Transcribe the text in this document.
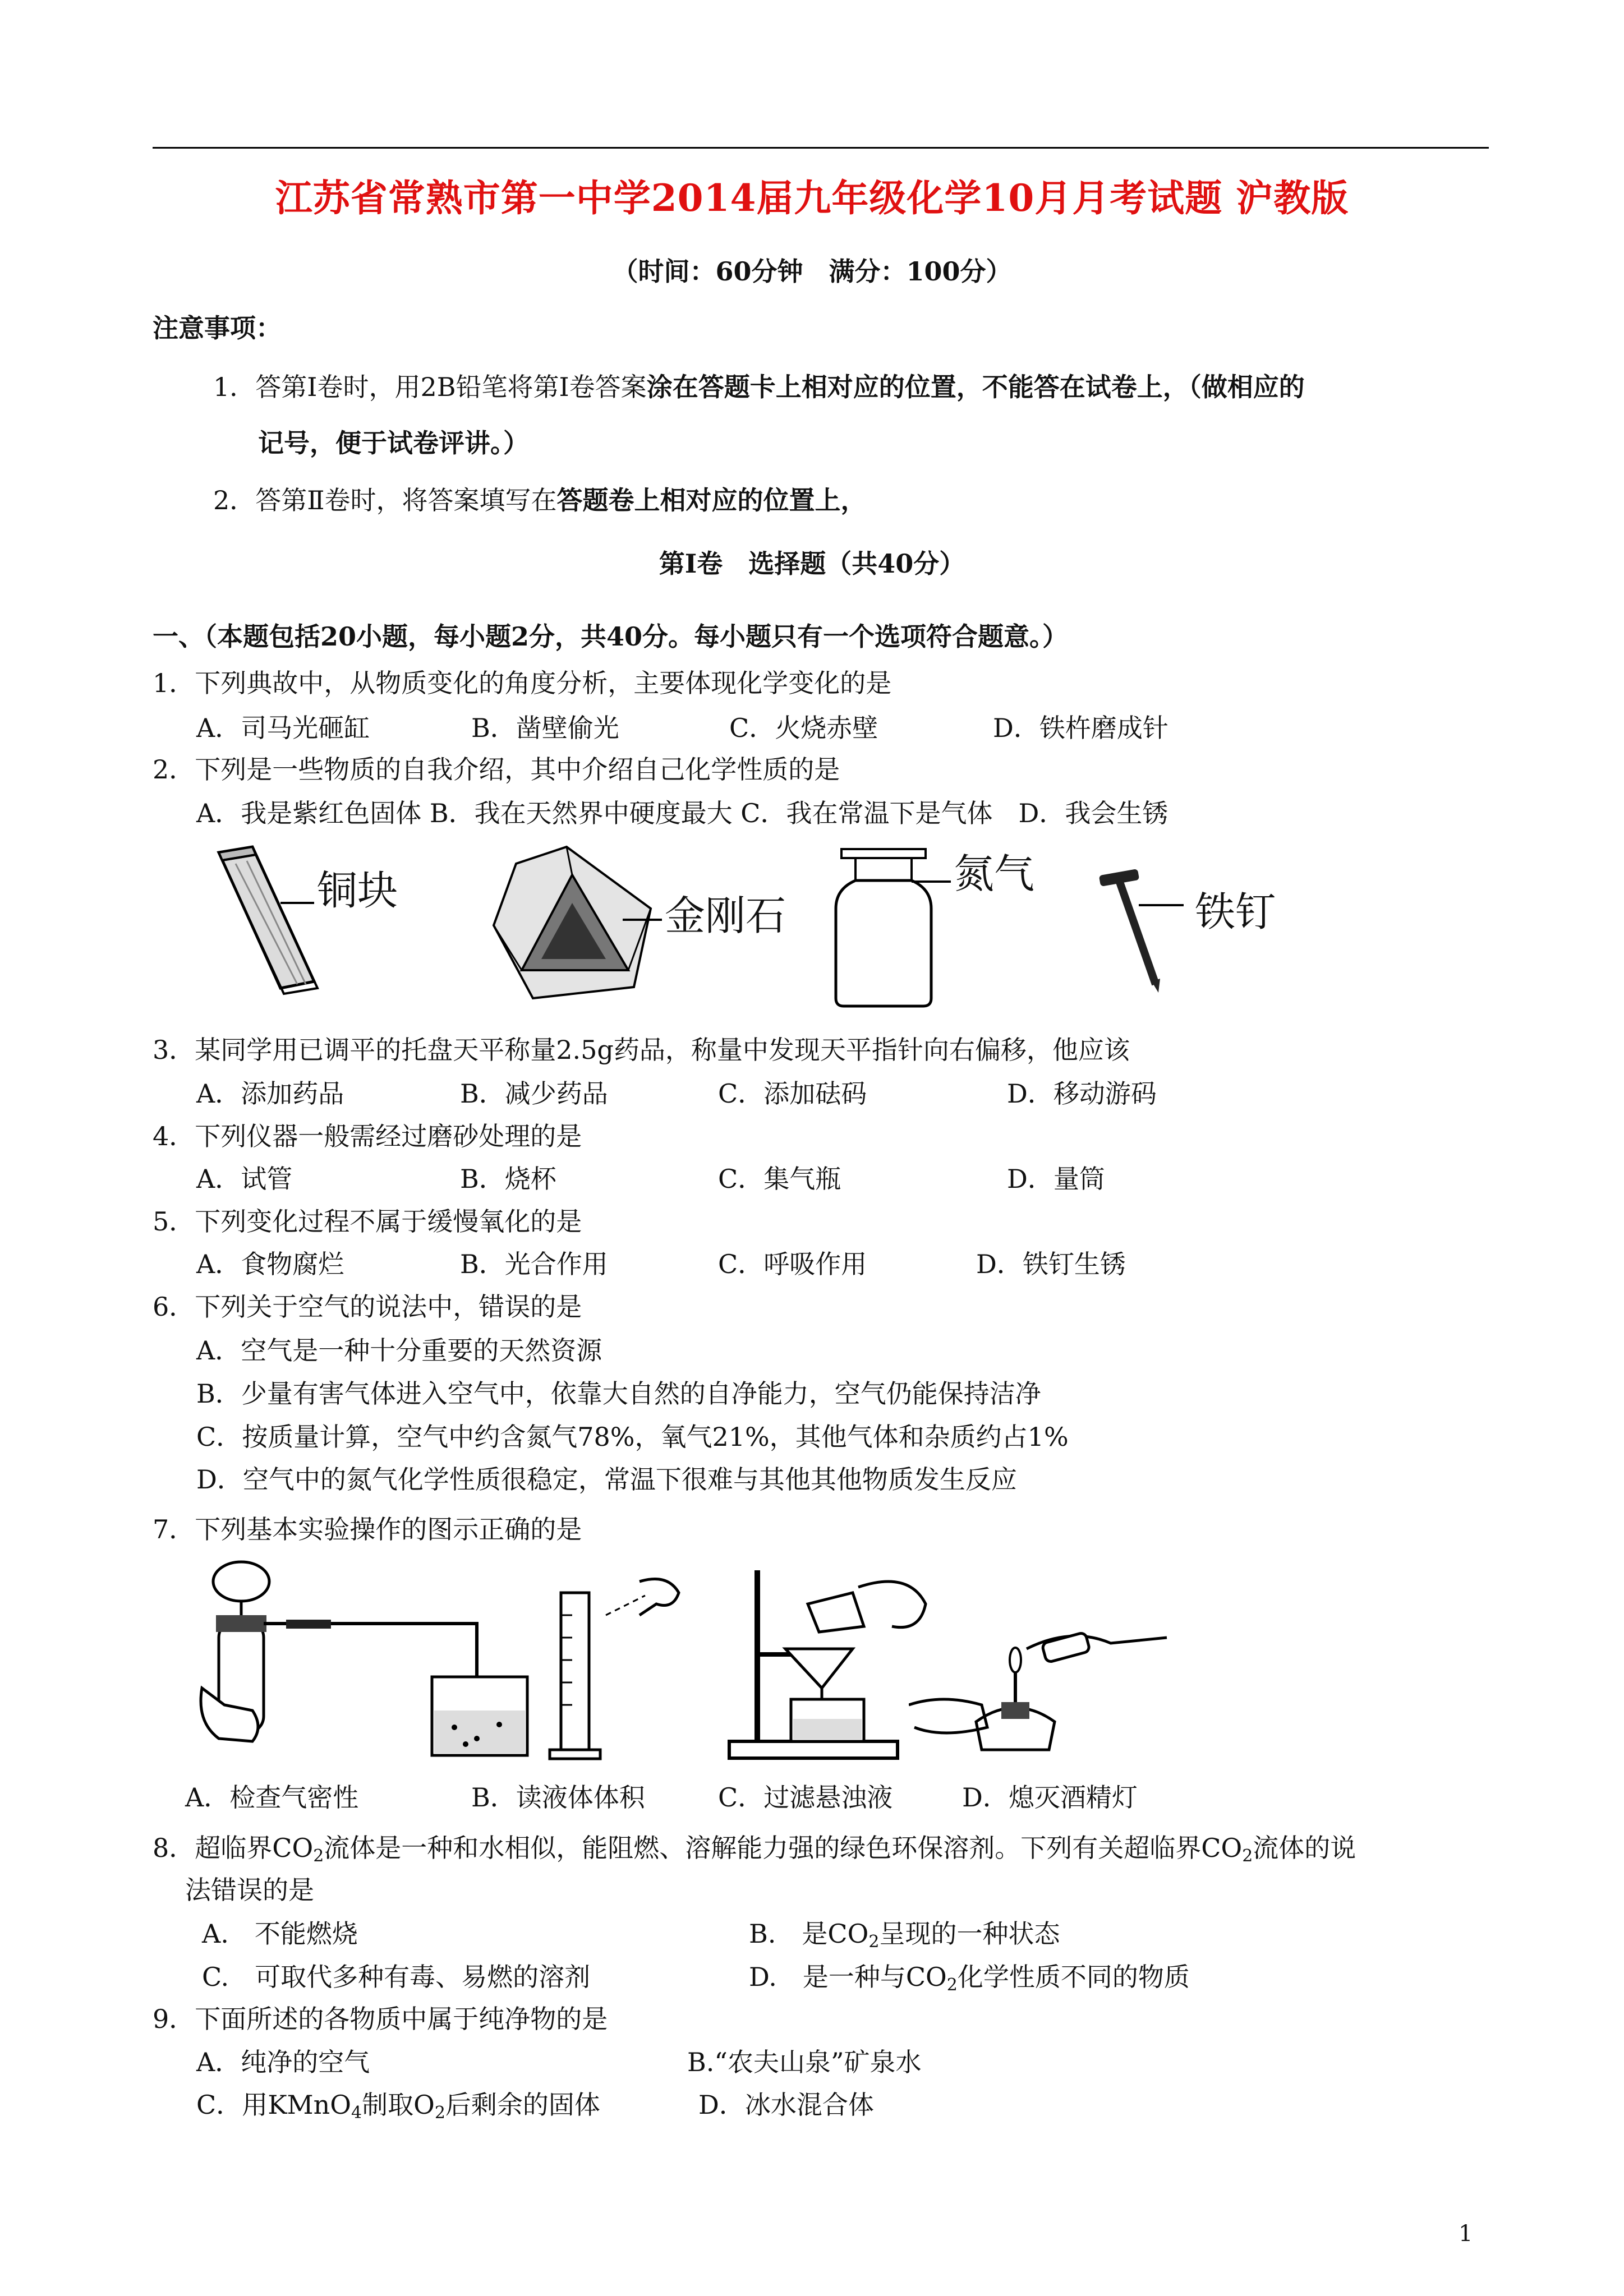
江苏省常熟市第一中学2014届九年级化学10月月考试题 沪教版
（时间：60分钟　满分：100分）
注意事项：
1．答第Ⅰ卷时，用2B铅笔将第Ⅰ卷答案涂在答题卡上相对应的位置，不能答在试卷上，（做相应的
记号，便于试卷评讲。）
2．答第Ⅱ卷时，将答案填写在答题卷上相对应的位置上，
第Ⅰ卷　选择题（共40分）
一、（本题包括20小题，每小题2分，共40分。每小题只有一个选项符合题意。）
1．下列典故中，从物质变化的角度分析，主要体现化学变化的是
A．司马光砸缸	B．凿壁偷光	C．火烧赤壁	D．铁杵磨成针
2．下列是一些物质的自我介绍，其中介绍自己化学性质的是
A．我是紫红色固体 B．我在天然界中硬度最大 C．我在常温下是气体　D．我会生锈
铜块
金刚石
氮气
铁钉
3．某同学用已调平的托盘天平称量2.5g药品，称量中发现天平指针向右偏移，他应该
A．添加药品	B．减少药品	C．添加砝码	D．移动游码
4．下列仪器一般需经过磨砂处理的是
A．试管	B．烧杯	C．集气瓶	D．量筒
5．下列变化过程不属于缓慢氧化的是
A．食物腐烂	B．光合作用	C．呼吸作用	D．铁钉生锈
6．下列关于空气的说法中，错误的是
A．空气是一种十分重要的天然资源
B．少量有害气体进入空气中，依靠大自然的自净能力，空气仍能保持洁净
C．按质量计算，空气中约含氮气78%，氧气21%，其他气体和杂质约占1%
D．空气中的氮气化学性质很稳定，常温下很难与其他其他物质发生反应
7．下列基本实验操作的图示正确的是
A．检查气密性	B．读液体体积	C．过滤悬浊液	D．熄灭酒精灯
8．超临界$CO_2$流体是一种和水相似，能阻燃、溶解能力强的绿色环保溶剂。下列有关超临界$CO_2$流体的说
法错误的是
A.　不能燃烧	B.　是$CO_2$呈现的一种状态
C.　可取代多种有毒、易燃的溶剂	D.　是一种与$CO_2$化学性质不同的物质
9．下面所述的各物质中属于纯净物的是
A．纯净的空气	B.“农夫山泉”矿泉水
C．用KMnO$_4$制取$O_2$后剩余的固体	D．冰水混合体
1
